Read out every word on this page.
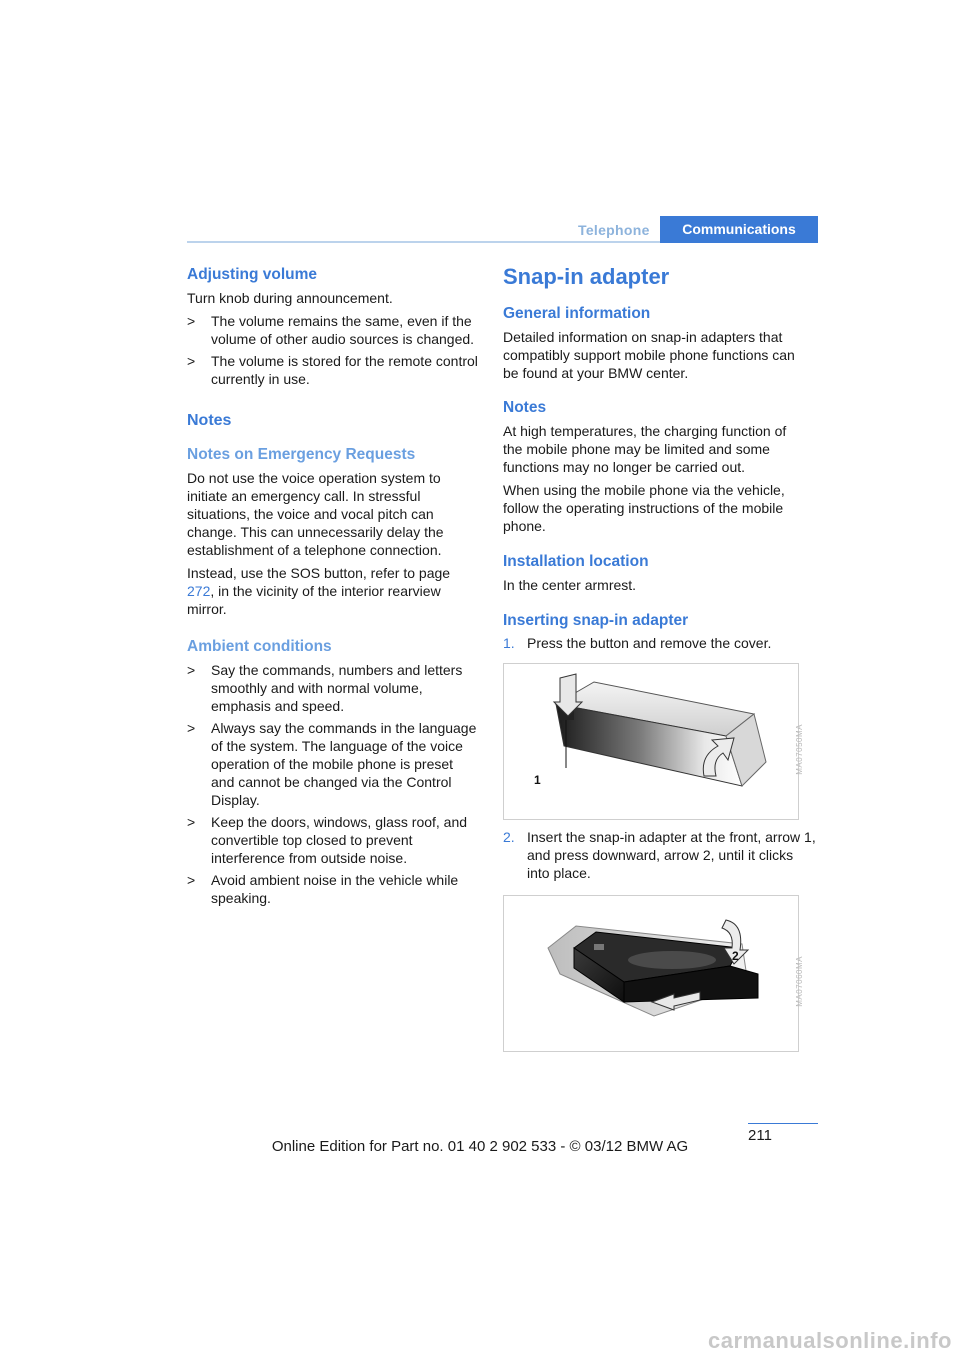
Telephone	Communications
Adjusting volume

Turn knob during announcement.

> The volume remains the same, even if the volume of other audio sources is changed.
> The volume is stored for the remote control currently in use.
Notes
Notes on Emergency Requests

Do not use the voice operation system to initiate an emergency call. In stressful situations, the voice and vocal pitch can change. This can unnecessarily delay the establishment of a telephone connection.

Instead, use the SOS button, refer to page 272, in the vicinity of the interior rearview mirror.

Ambient conditions
> Say the commands, numbers and letters smoothly and with normal volume, emphasis and speed.
> Always say the commands in the language of the system. The language of the voice operation of the mobile phone is preset and cannot be changed via the Control Display.
> Keep the doors, windows, glass roof, and convertible top closed to prevent interference from outside noise.
> Avoid ambient noise in the vehicle while speaking.
Snap-in adapter
General information

Detailed information on snap-in adapters that compatibly support mobile phone functions can be found at your BMW center.

Notes

At high temperatures, the charging function of the mobile phone may be limited and some functions may no longer be carried out.

When using the mobile phone via the vehicle, follow the operating instructions of the mobile phone.

Installation location

In the center armrest.

Inserting snap-in adapter
1. Press the button and remove the cover.
1
MA07050MA
2. Insert the snap-in adapter at the front, arrow 1, and press downward, arrow 2, until it clicks into place.
2	MA07060MA
211
Online Edition for Part no. 01 40 2 902 533 - © 03/12 BMW AG
carmanualsonline.info
